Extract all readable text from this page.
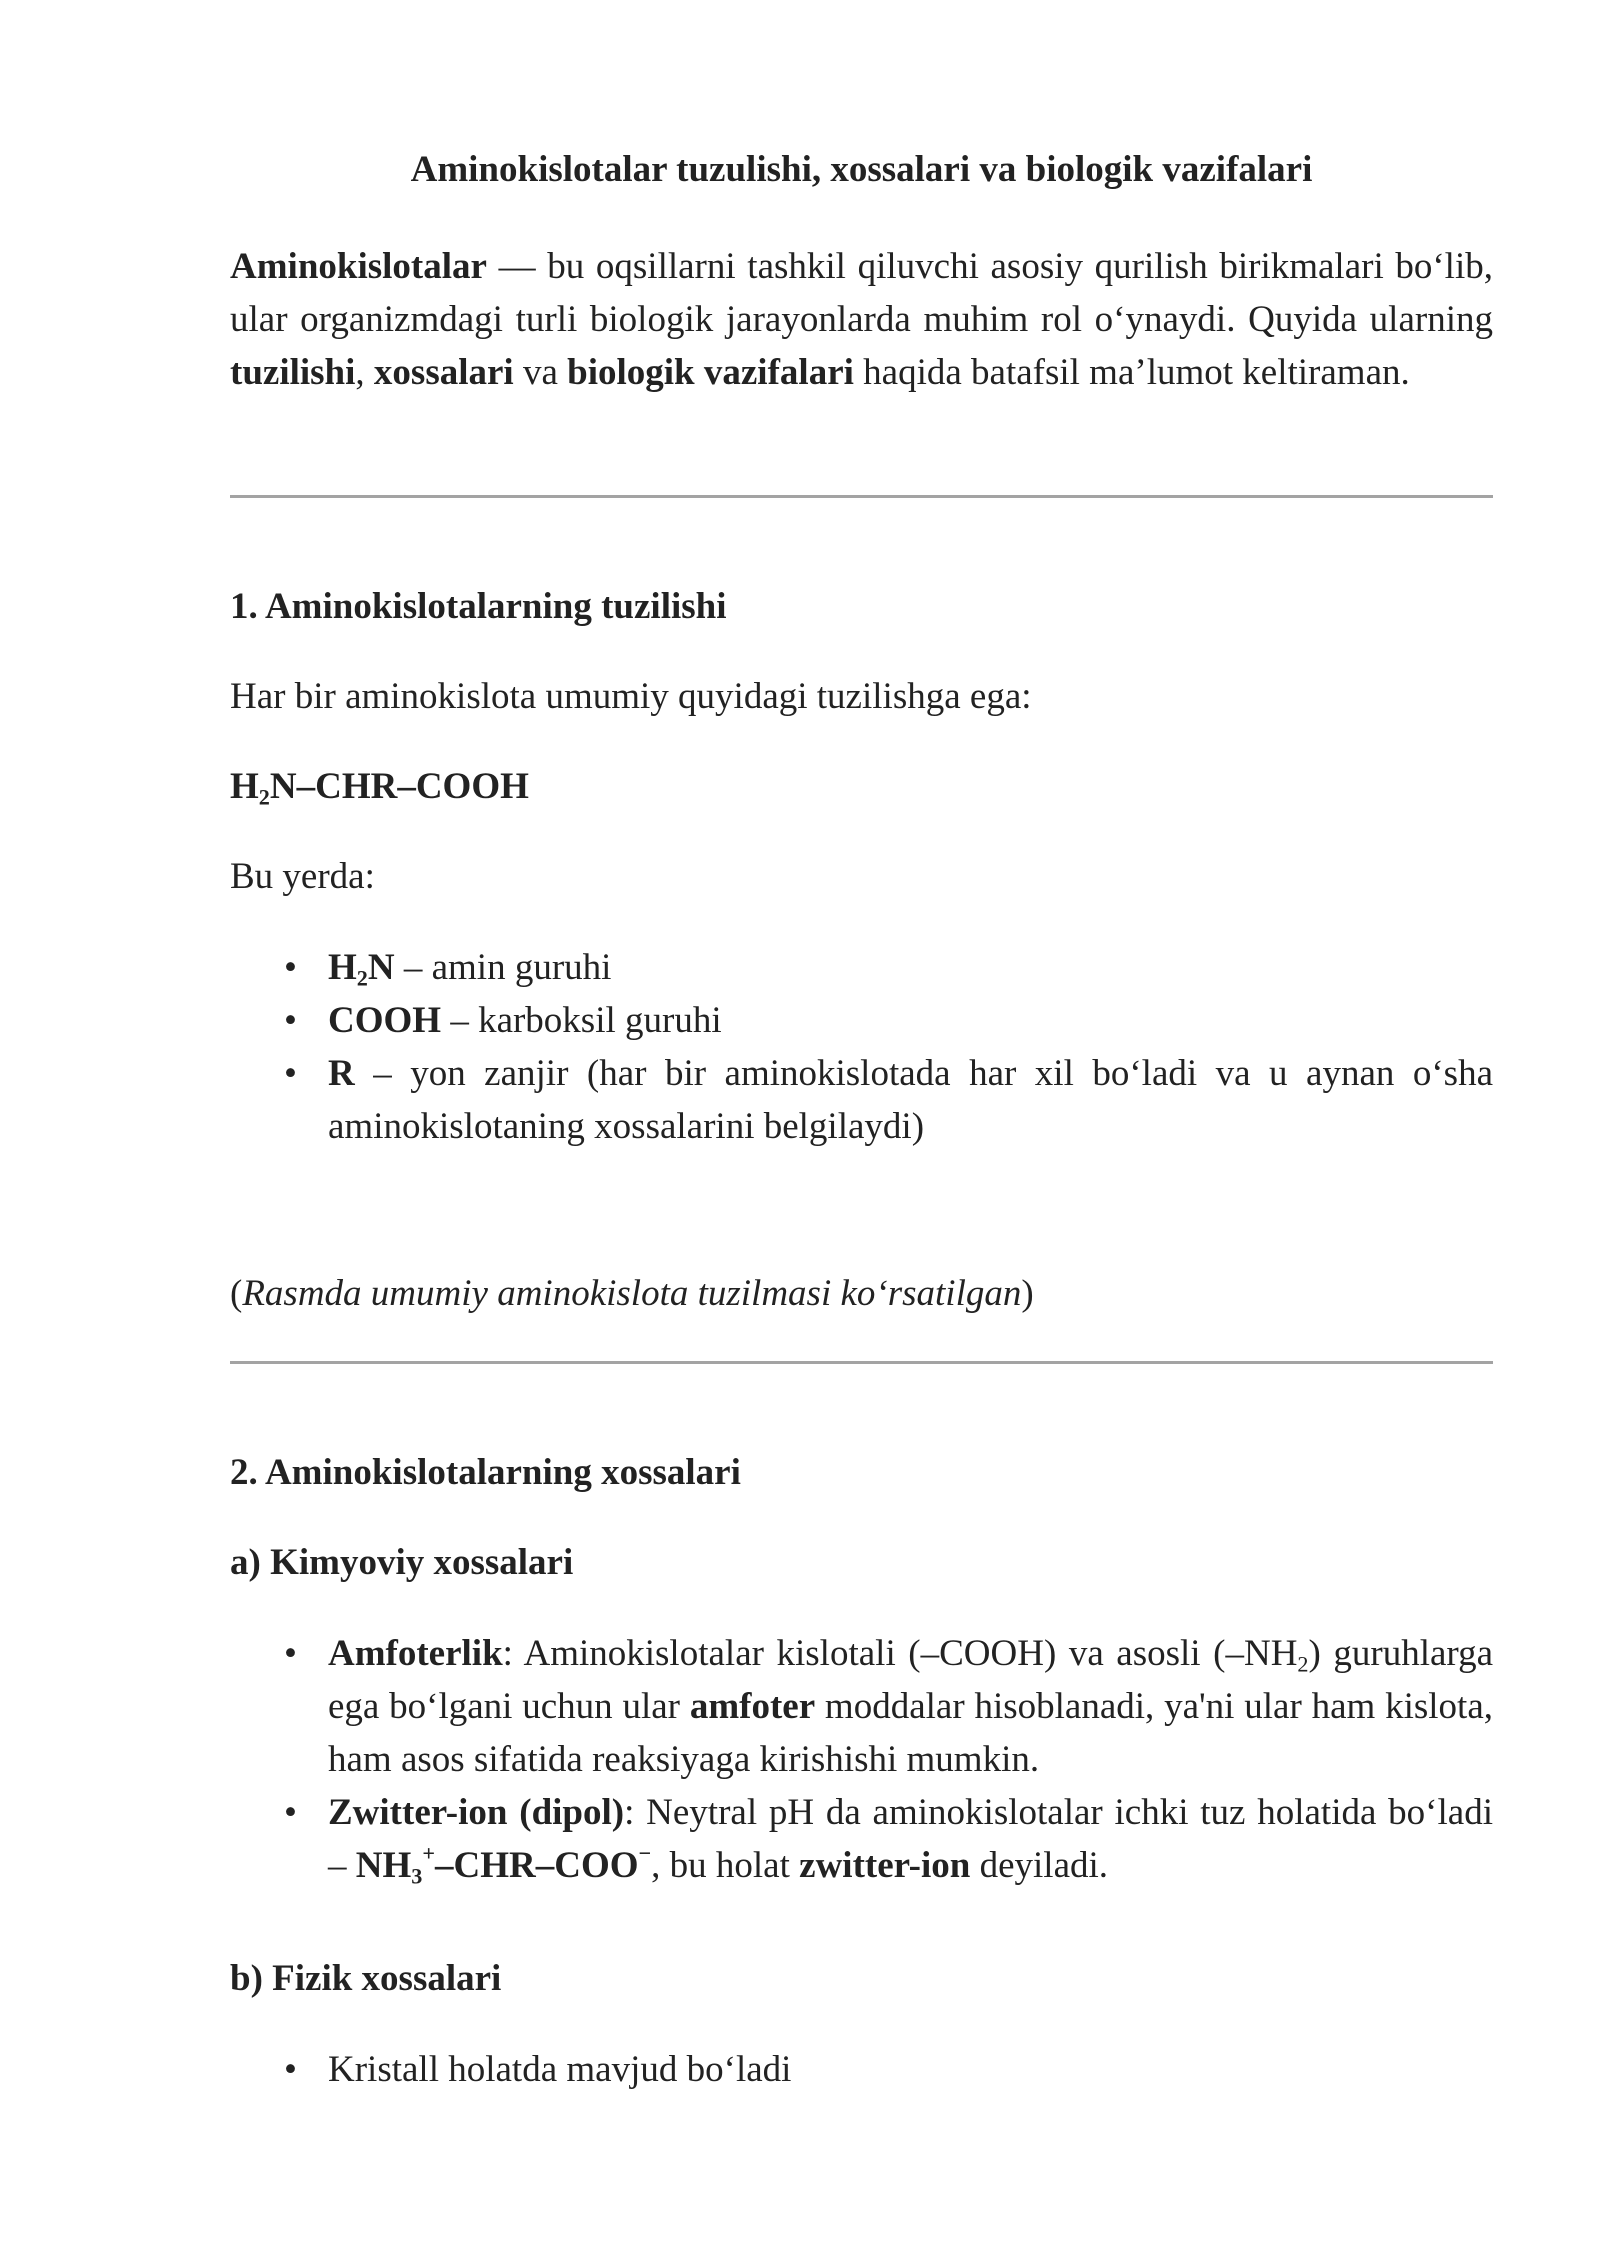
Aminokislotalar tuzulishi, xossalari va biologik vazifalari

Aminokislotalar — bu oqsillarni tashkil qiluvchi asosiy qurilish birikmalari bo‘lib, ular organizmdagi turli biologik jarayonlarda muhim rol o‘ynaydi. Quyida ularning tuzilishi, xossalari va biologik vazifalari haqida batafsil ma’lumot keltiraman.

1. Aminokislotalarning tuzilishi

Har bir aminokislota umumiy quyidagi tuzilishga ega:

$H_2N-CHR$–COOH

Bu yerda:

• $H_2N$ – amin guruhi
• COOH – karboksil guruhi
• R – yon zanjir (har bir aminokislotada har xil bo‘ladi va u aynan o‘sha aminokislotaning xossalarini belgilaydi)

(Rasmda umumiy aminokislota tuzilmasi ko‘rsatilgan)

2. Aminokislotalarning xossalari
a) Kimyoviy xossalari
• Amfoterlik: Aminokislotalar kislotali (–COOH) va asosli $(-NH_2)$ guruhlarga ega bo‘lgani uchun ular amfoter moddalar hisoblanadi, ya'ni ular ham kislota, ham asos sifatida reaksiyaga kirishishi mumkin.
• Zwitter-ion (dipol): Neytral pH da aminokislotalar ichki tuz holatida bo‘ladi – $NH_3^+-CHR-COO^-$, bu holat zwitter-ion deyiladi.
b) Fizik xossalari
• Kristall holatda mavjud bo‘ladi
